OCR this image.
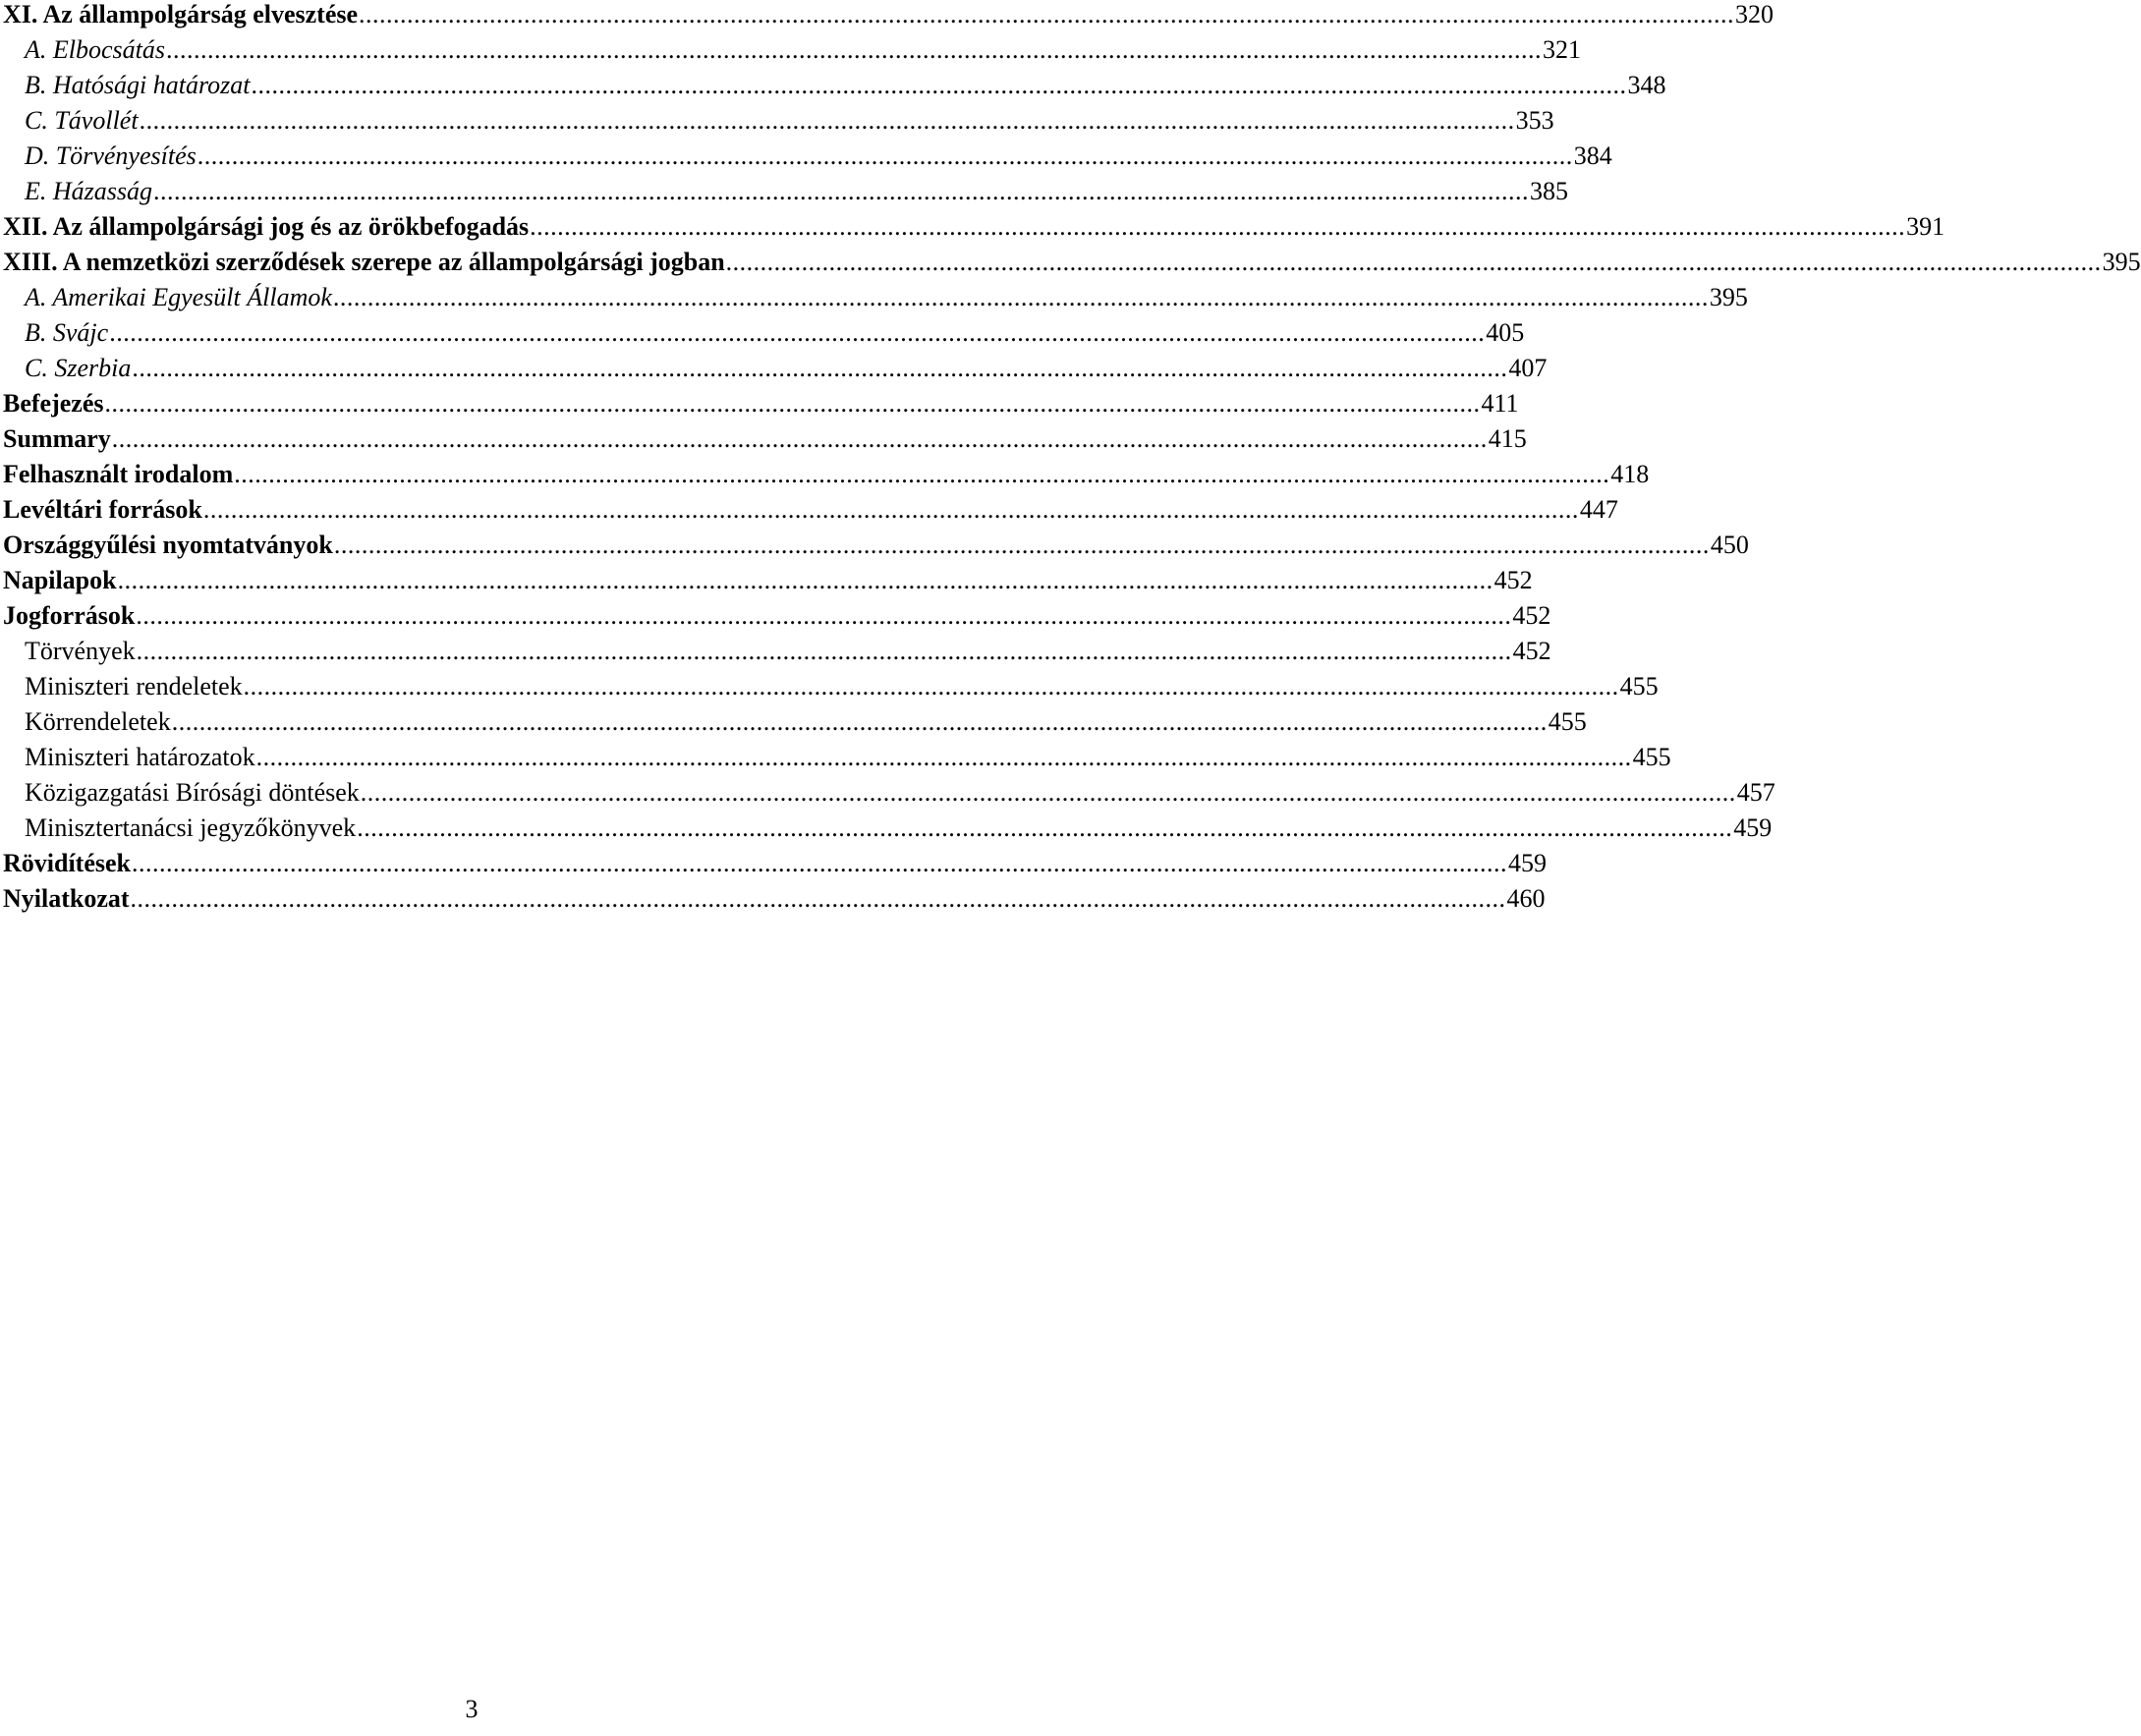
XI. Az állampolgárság elvesztése .....	320
A. Elbocsátás .....	321
B. Hatósági határozat .....	348
C. Távollét .....	353
D. Törvényesítés .....	384
E. Házasság .....	385
XII. Az állampolgársági jog és az örökbefogadás .....	391
XIII. A nemzetközi szerződések szerepe az állampolgársági jogban .....	395
A. Amerikai Egyesült Államok .....	395
B. Svájc .....	405
C. Szerbia .....	407
Befejezés .....	411
Summary .....	415
Felhasznált irodalom .....	418
Levéltári források .....	447
Országgyűlési nyomtatványok .....	450
Napilapok .....	452
Jogforrások .....	452
Törvények .....	452
Miniszteri rendeletek .....	455
Körrendeletek .....	455
Miniszteri határozatok .....	455
Közigazgatási Bírósági döntések .....	457
Minisztertanácsi jegyzőkönyvek .....	459
Rövidítések .....	459
Nyilatkozat .....	460
3
